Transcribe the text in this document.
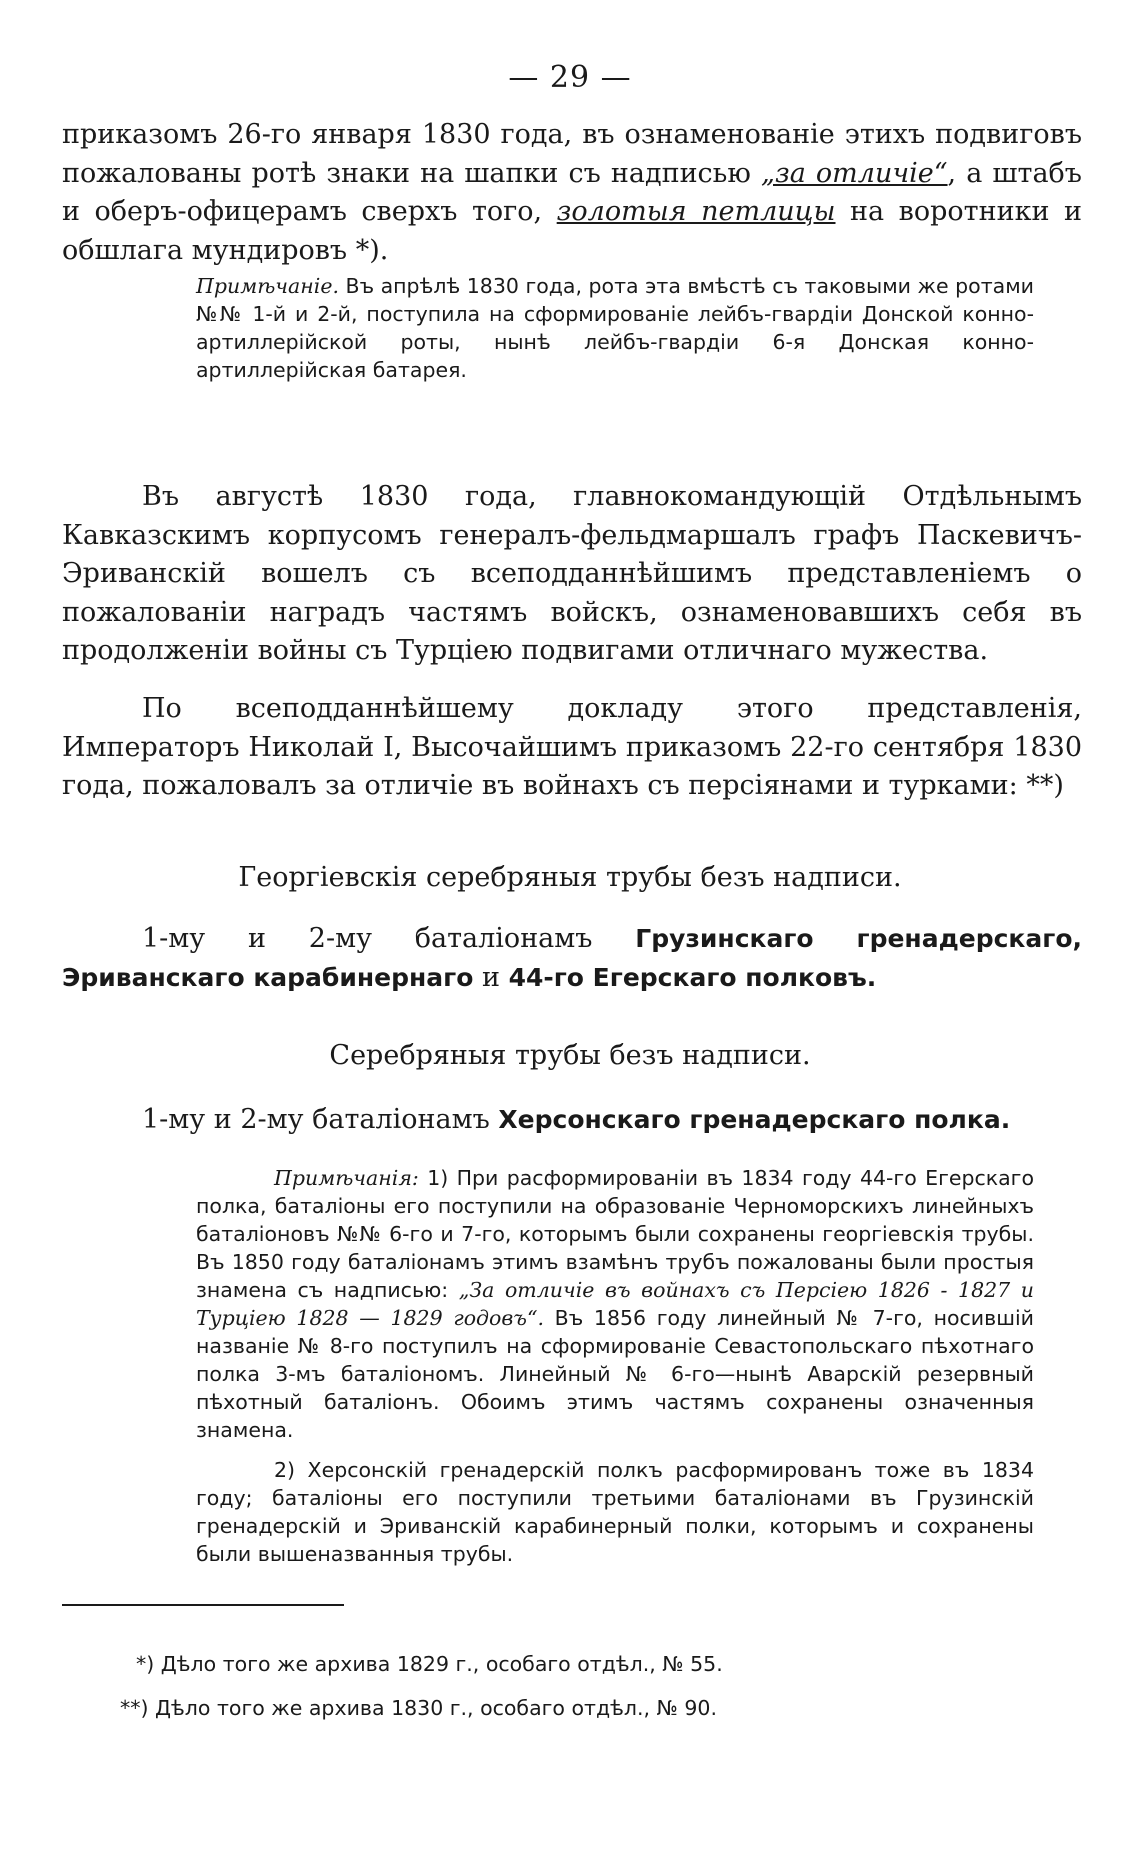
— 29 —

приказомъ 26-го января 1830 года, въ ознаменованіе этихъ подвиговъ пожалованы ротѣ знаки на шапки съ надписью „за отличіе“, а штабъ и оберъ-офицерамъ сверхъ того, золотыя петлицы на воротники и обшлага мундировъ *).

Примѣчаніе. Въ апрѣлѣ 1830 года, рота эта вмѣстѣ съ таковыми же ротами №№ 1-й и 2-й, поступила на сформированіе лейбъ-гвардіи Донской конно-артиллерійской роты, нынѣ лейбъ-гвардіи 6-я Донская конно-артиллерійская батарея.

Въ августѣ 1830 года, главнокомандующій Отдѣльнымъ Кавказскимъ корпусомъ генералъ-фельдмаршалъ графъ Паскевичъ-Эриванскій вошелъ съ всеподданнѣйшимъ представленіемъ о пожалованіи наградъ частямъ войскъ, ознаменовавшихъ себя въ продолженіи войны съ Турціею подвигами отличнаго мужества.

По всеподданнѣйшему докладу этого представленія, Императоръ Николай I, Высочайшимъ приказомъ 22-го сентября 1830 года, пожаловалъ за отличіе въ войнахъ съ персіянами и турками: **)

Георгіевскія серебряныя трубы безъ надписи.

1-му и 2-му баталіонамъ Грузинскаго гренадерскаго, Эриванскаго карабинернаго и 44-го Егерскаго полковъ.

Серебряныя трубы безъ надписи.

1-му и 2-му баталіонамъ Херсонскаго гренадерскаго полка.

Примѣчанія: 1) При расформированіи въ 1834 году 44-го Егерскаго полка, баталіоны его поступили на образованіе Черноморскихъ линейныхъ баталіоновъ №№ 6-го и 7-го, которымъ были сохранены георгіевскія трубы. Въ 1850 году баталіонамъ этимъ взамѣнъ трубъ пожалованы были простыя знамена съ надписью: „За отличіе въ войнахъ съ Персіею 1826 - 1827 и Турціею 1828 — 1829 годовъ“. Въ 1856 году линейный № 7-го, носившій названіе № 8-го поступилъ на сформированіе Севастопольскаго пѣхотнаго полка 3-мъ баталіономъ. Линейный № 6-го—нынѣ Аварскій резервный пѣхотный баталіонъ. Обоимъ этимъ частямъ сохранены означенныя знамена.

2) Херсонскій гренадерскій полкъ расформированъ тоже въ 1834 году; баталіоны его поступили третьими баталіонами въ Грузинскій гренадерскій и Эриванскій карабинерный полки, которымъ и сохранены были вышеназванныя трубы.

*) Дѣло того же архива 1829 г., особаго отдѣл., № 55.

**) Дѣло того же архива 1830 г., особаго отдѣл., № 90.
